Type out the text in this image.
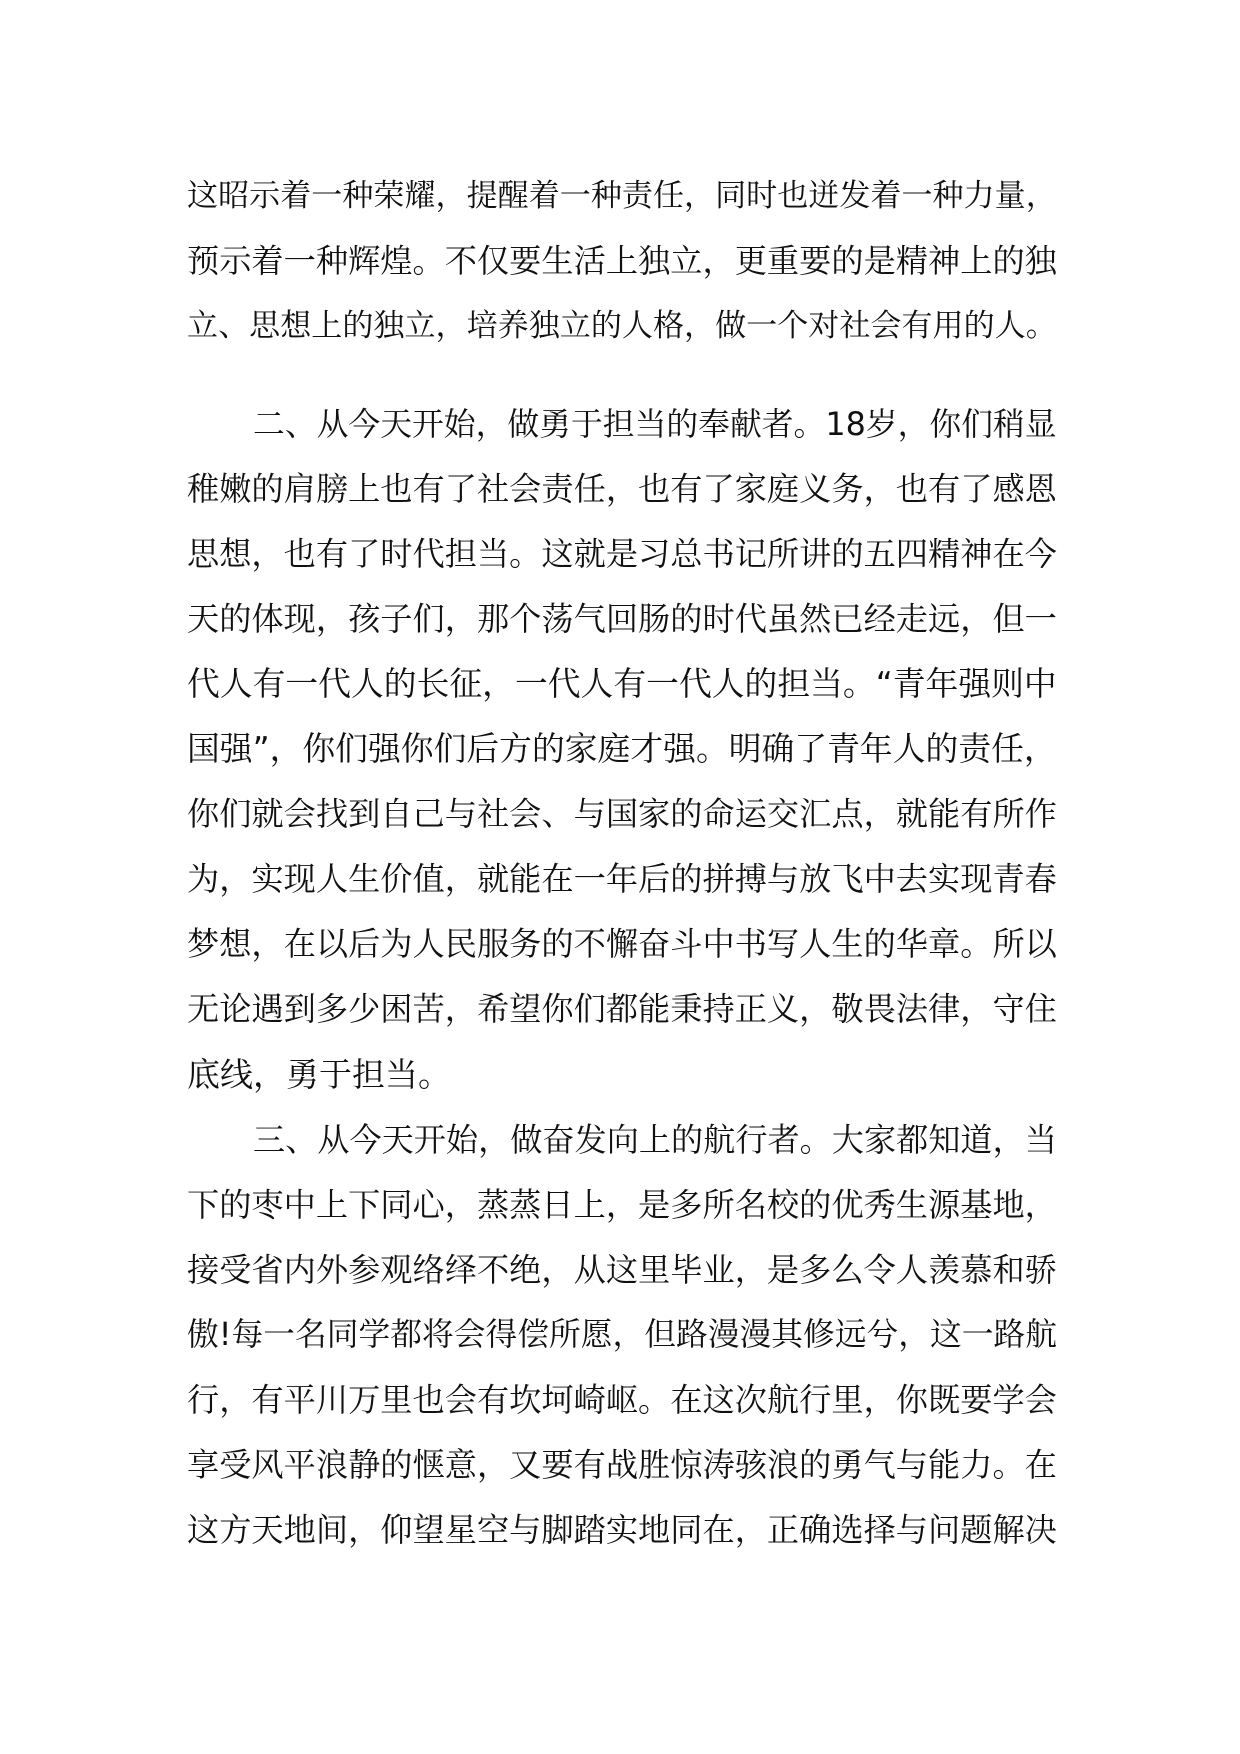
这昭示着一种荣耀，提醒着一种责任，同时也迸发着一种力量，
预示着一种辉煌。不仅要生活上独立，更重要的是精神上的独
立、思想上的独立，培养独立的人格，做一个对社会有用的人。
二、从今天开始，做勇于担当的奉献者。18岁，你们稍显
稚嫩的肩膀上也有了社会责任，也有了家庭义务，也有了感恩
思想，也有了时代担当。这就是习总书记所讲的五四精神在今
天的体现，孩子们，那个荡气回肠的时代虽然已经走远，但一
代人有一代人的长征，一代人有一代人的担当。“青年强则中
国强”，你们强你们后方的家庭才强。明确了青年人的责任，
你们就会找到自己与社会、与国家的命运交汇点，就能有所作
为，实现人生价值，就能在一年后的拼搏与放飞中去实现青春
梦想，在以后为人民服务的不懈奋斗中书写人生的华章。所以
无论遇到多少困苦，希望你们都能秉持正义，敬畏法律，守住
底线，勇于担当。
三、从今天开始，做奋发向上的航行者。大家都知道，当
下的枣中上下同心，蒸蒸日上，是多所名校的优秀生源基地，
接受省内外参观络绎不绝，从这里毕业，是多么令人羡慕和骄
傲!每一名同学都将会得偿所愿，但路漫漫其修远兮，这一路航
行，有平川万里也会有坎坷崎岖。在这次航行里，你既要学会
享受风平浪静的惬意，又要有战胜惊涛骇浪的勇气与能力。在
这方天地间，仰望星空与脚踏实地同在，正确选择与问题解决
